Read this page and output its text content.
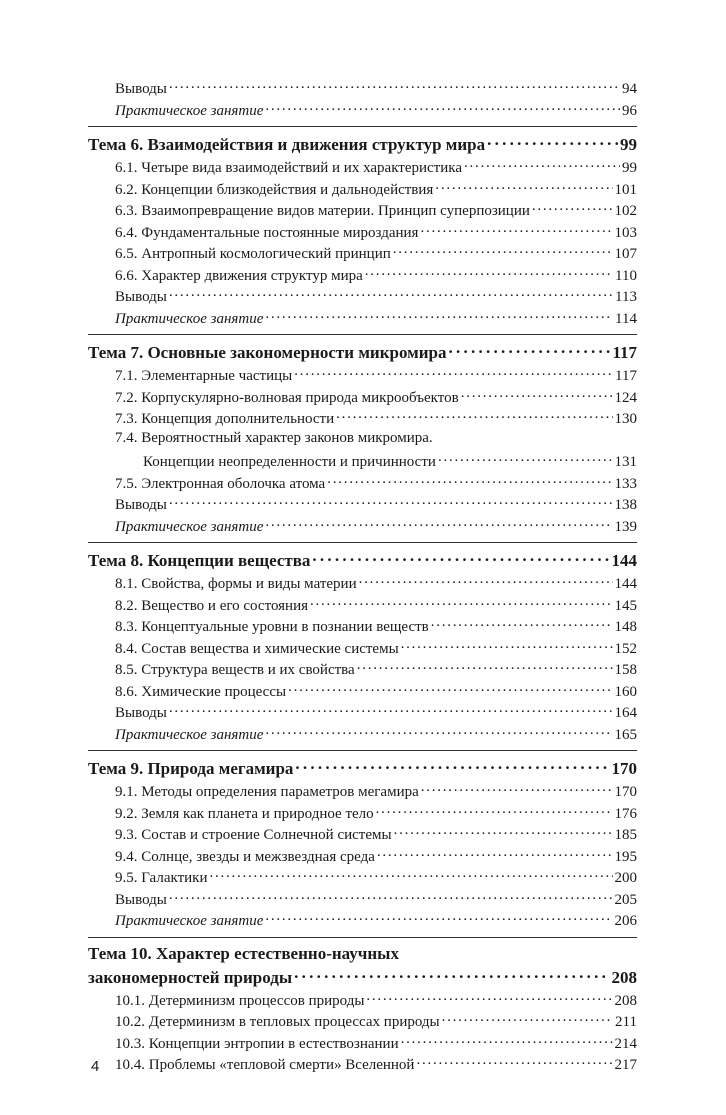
Выводы . . .	94
Практическое занятие . . .	96
Тема 6. Взаимодействия и движения структур мира . . .	99
6.1. Четыре вида взаимодействий и их характеристика . . .	99
6.2. Концепции близкодействия и дальнодействия . . .	101
6.3. Взаимопревращение видов материи. Принцип суперпозиции . . .	102
6.4. Фундаментальные постоянные мироздания . . .	103
6.5. Антропный космологический принцип . . .	107
6.6. Характер движения структур мира . . .	110
Выводы . . .	113
Практическое занятие . . .	114
Тема 7. Основные закономерности микромира . . .	117
7.1. Элементарные частицы . . .	117
7.2. Корпускулярно-волновая природа микрообъектов . . .	124
7.3. Концепция дополнительности . . .	130
7.4. Вероятностный характер законов микромира.
Концепции неопределенности и причинности . . .	131
7.5. Электронная оболочка атома . . .	133
Выводы . . .	138
Практическое занятие . . .	139
Тема 8. Концепции вещества . . .	144
8.1. Свойства, формы и виды материи . . .	144
8.2. Вещество и его состояния . . .	145
8.3. Концептуальные уровни в познании веществ . . .	148
8.4. Состав вещества и химические системы . . .	152
8.5. Структура веществ и их свойства . . .	158
8.6. Химические процессы . . .	160
Выводы . . .	164
Практическое занятие . . .	165
Тема 9. Природа мегамира . . .	170
9.1. Методы определения параметров мегамира . . .	170
9.2. Земля как планета и природное тело . . .	176
9.3. Состав и строение Солнечной системы . . .	185
9.4. Солнце, звезды и межзвездная среда . . .	195
9.5. Галактики . . .	200
Выводы . . .	205
Практическое занятие . . .	206
Тема 10. Характер естественно-научных
закономерностей природы . . .	208
10.1. Детерминизм процессов природы . . .	208
10.2. Детерминизм в тепловых процессах природы . . .	211
10.3. Концепции энтропии в естествознании . . .	214
10.4. Проблемы «тепловой смерти» Вселенной . . .	217
4
